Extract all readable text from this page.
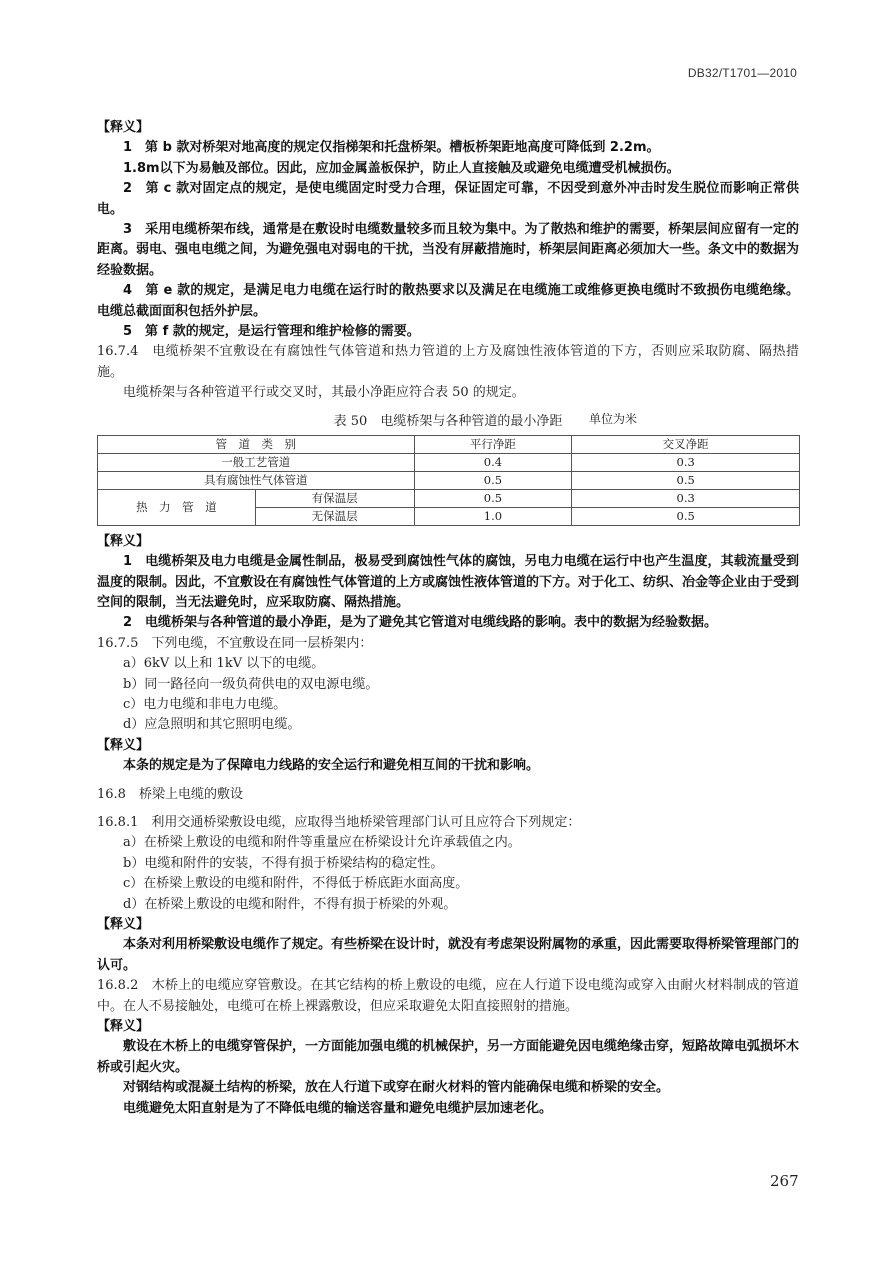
DB32/T1701—2010

【释义】

1　第 b 款对桥架对地高度的规定仅指梯架和托盘桥架。槽板桥架距地高度可降低到 2.2m。

1.8m以下为易触及部位。因此，应加金属盖板保护，防止人直接触及或避免电缆遭受机械损伤。

2　第 c 款对固定点的规定，是使电缆固定时受力合理，保证固定可靠，不因受到意外冲击时发生脱位而影响正常供电。

3　采用电缆桥架布线，通常是在敷设时电缆数量较多而且较为集中。为了散热和维护的需要，桥架层间应留有一定的距离。弱电、强电电缆之间，为避免强电对弱电的干扰，当没有屏蔽措施时，桥架层间距离必须加大一些。条文中的数据为经验数据。

4　第 e 款的规定，是满足电力电缆在运行时的散热要求以及满足在电缆施工或维修更换电缆时不致损伤电缆绝缘。电缆总截面面积包括外护层。

5　第 f 款的规定，是运行管理和维护检修的需要。

16.7.4　电缆桥架不宜敷设在有腐蚀性气体管道和热力管道的上方及腐蚀性液体管道的下方，否则应采取防腐、隔热措施。

电缆桥架与各种管道平行或交叉时，其最小净距应符合表 50 的规定。

表 50　电缆桥架与各种管道的最小净距 单位为米
管　道　类　别		平行净距	交叉净距
一般工艺管道		0.4	0.3
具有腐蚀性气体管道		0.5	0.5
热　力　管　道	有保温层	0.5	0.3
	无保温层	1.0	0.5

【释义】

1　电缆桥架及电力电缆是金属性制品，极易受到腐蚀性气体的腐蚀，另电力电缆在运行中也产生温度，其载流量受到温度的限制。因此，不宜敷设在有腐蚀性气体管道的上方或腐蚀性液体管道的下方。对于化工、纺织、冶金等企业由于受到空间的限制，当无法避免时，应采取防腐、隔热措施。

2　电缆桥架与各种管道的最小净距，是为了避免其它管道对电缆线路的影响。表中的数据为经验数据。

16.7.5　下列电缆，不宜敷设在同一层桥架内：

a）6kV 以上和 1kV 以下的电缆。

b）同一路径向一级负荷供电的双电源电缆。

c）电力电缆和非电力电缆。

d）应急照明和其它照明电缆。

【释义】

本条的规定是为了保障电力线路的安全运行和避免相互间的干扰和影响。

16.8　桥梁上电缆的敷设

16.8.1　利用交通桥梁敷设电缆，应取得当地桥梁管理部门认可且应符合下列规定：

a）在桥梁上敷设的电缆和附件等重量应在桥梁设计允许承载值之内。

b）电缆和附件的安装，不得有损于桥梁结构的稳定性。

c）在桥梁上敷设的电缆和附件，不得低于桥底距水面高度。

d）在桥梁上敷设的电缆和附件，不得有损于桥梁的外观。

【释义】

本条对利用桥梁敷设电缆作了规定。有些桥梁在设计时，就没有考虑架设附属物的承重，因此需要取得桥梁管理部门的认可。

16.8.2　木桥上的电缆应穿管敷设。在其它结构的桥上敷设的电缆，应在人行道下设电缆沟或穿入由耐火材料制成的管道中。在人不易接触处，电缆可在桥上裸露敷设，但应采取避免太阳直接照射的措施。

【释义】

敷设在木桥上的电缆穿管保护，一方面能加强电缆的机械保护，另一方面能避免因电缆绝缘击穿，短路故障电弧损坏木桥或引起火灾。

对钢结构或混凝土结构的桥梁，放在人行道下或穿在耐火材料的管内能确保电缆和桥梁的安全。

电缆避免太阳直射是为了不降低电缆的输送容量和避免电缆护层加速老化。

267
